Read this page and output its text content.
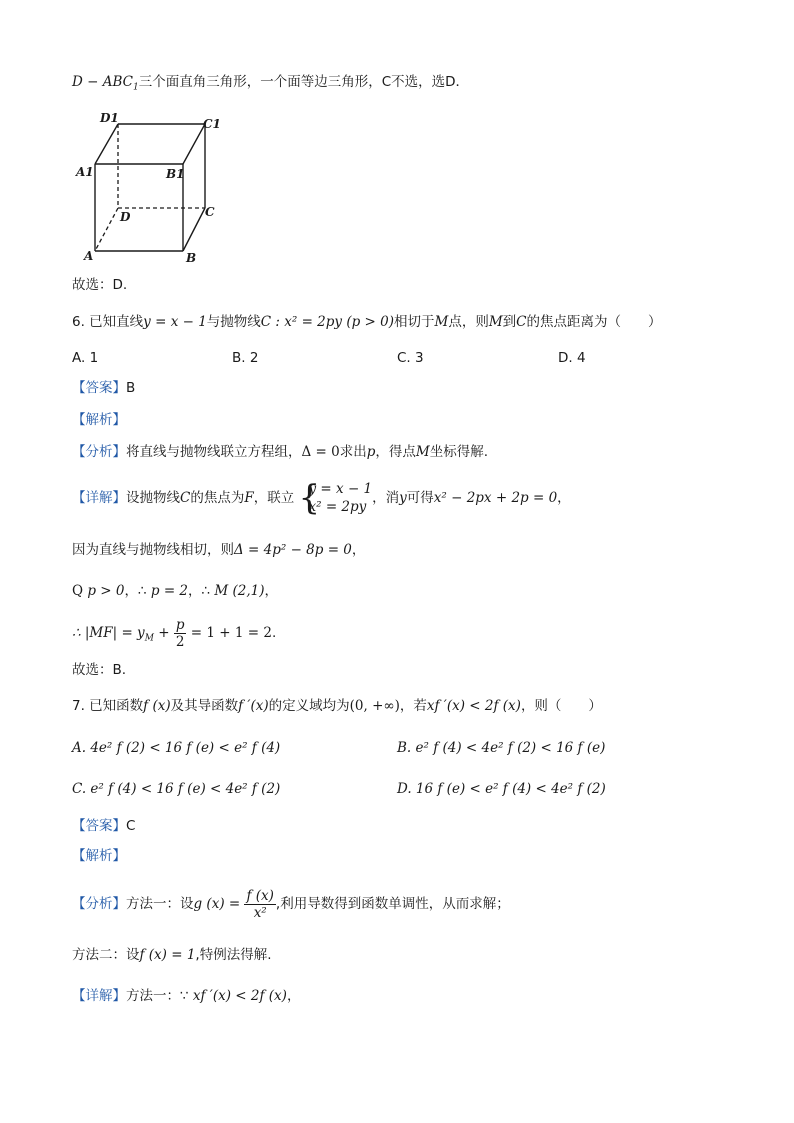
$D - ABC_1$三个面直角三角形，一个面等边三角形，C不选，选D．
D1	C1
A1	B1
D	C
A	B
故选：D.
6. 已知直线y = x − 1与抛物线C : x² = 2py (p > 0)相切于M点，则M到C的焦点距离为（　　）
A. 1	B. 2	C. 3	D. 4
【答案】B
【解析】
【分析】将直线与抛物线联立方程组，Δ = 0求出p，得点M坐标得解.
【详解】设抛物线C的焦点为F，联立 {
y = x − 1
x² = 2py
，消y可得x² − 2px + 2p = 0，
因为直线与抛物线相切，则Δ = 4p² − 8p = 0，
Q p > 0，∴ p = 2，∴ M (2,1)，
∴ $|MF| = y_M + \frac{p}{2} = 1 + 1 = 2$.
故选：B.
7. 已知函数f (x)及其导函数f ′(x)的定义域均为(0, +∞)，若xf ′(x) < 2f (x)，则（　　）
A. 4e² f (2) < 16 f (e) < e² f (4)	B. e² f (4) < 4e² f (2) < 16 f (e)
C. e² f (4) < 16 f (e) < 4e² f (2)	D. 16 f (e) < e² f (4) < 4e² f (2)
【答案】C
【解析】
【分析】方法一：设g $(x) = \frac{f (x)}{\text{x²}}$ ,利用导数得到函数单调性，从而求解；
方法二：设f (x) = 1,特例法得解.
【详解】方法一：∵ xf ′(x) < 2f (x)，
